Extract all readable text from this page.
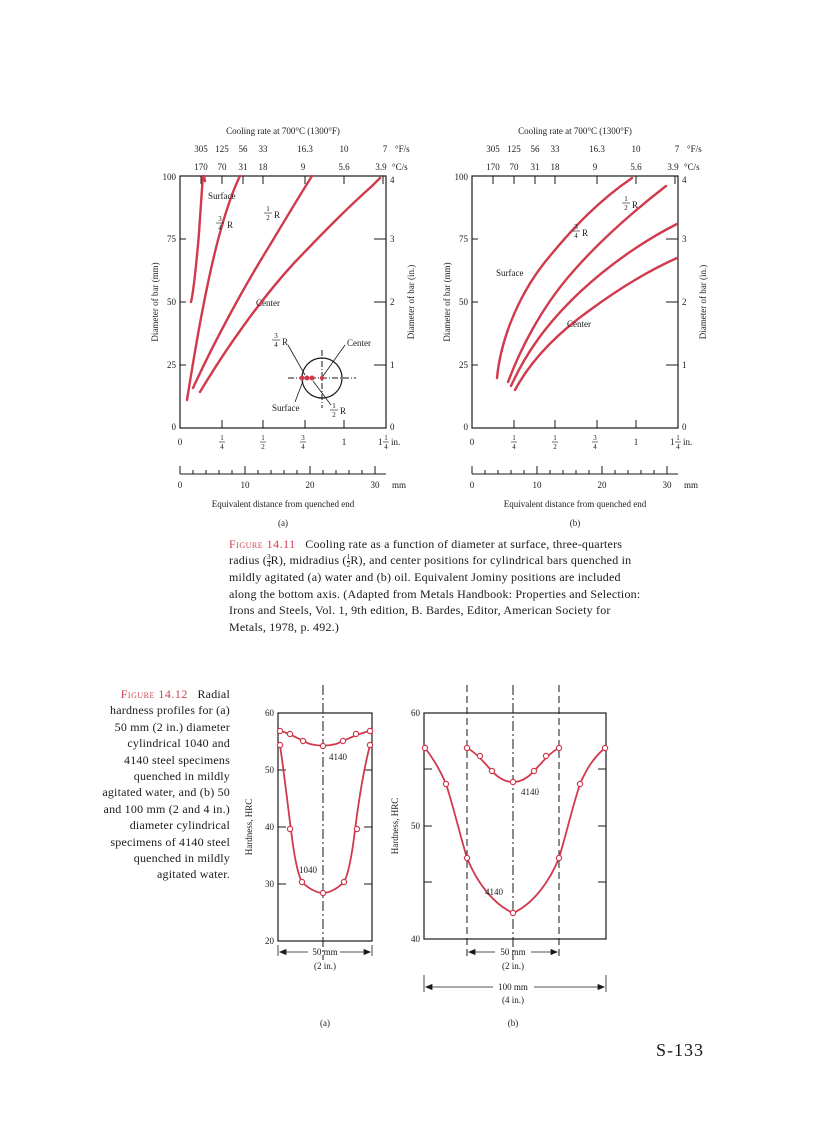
Cooling rate at 700°C (1300°F)
305 125 56 33	16.3	10	7 °F/s
170 70 31 18	9	5.6	3.9 °C/s
100
75
50
25
0
4
3
2
1
0
Diameter of bar (mm)	Diameter of bar (in.)
Surface
3
4 R
1
2 R
Center
3
4 R	Center
Surface	1
2 R
0	1
4
1
2
3
4	1	1 1
4 in.
0	10	20	30 mm
Equivalent distance from quenched end
(a)
Cooling rate at 700°C (1300°F)
305 125 56 33	16.3	10	7 °F/s
170 70 31 18	9	5.6	3.9 °C/s
100
75
50
25
0
4
3
2
1
0
Diameter of bar (mm)	Diameter of bar (in.)
1
2 R
3
4 R
Surface
Center
0	1
4
1
2
3
4	1	1 1
4 in.
0	10	20	30 mm
Equivalent distance from quenched end
(b)
60
50
40
30
20
Hardness, HRC
4140
1040
50 mm
(2 in.)
(a)
60
50
40
Hardness, HRC
4140
4140
50 mm
(2 in.)
100 mm
(4 in.)
(b)
Figure 14.11 Cooling rate as a function of diameter at surface, three-quarters radius ( $\frac{3}{4} R$), midradius ( $\frac{1}{2} R$), and center positions for cylindrical bars quenched in mildly agitated (a) water and (b) oil. Equivalent Jominy positions are included along the bottom axis. (Adapted from Metals Handbook: Properties and Selection: Irons and Steels, Vol. 1, 9th edition, B. Bardes, Editor, American Society for Metals, 1978, p. 492.)
Figure 14.12 Radial hardness profiles for (a) 50 mm (2 in.) diameter cylindrical 1040 and 4140 steel specimens quenched in mildly agitated water, and (b) 50 and 100 mm (2 and 4 in.) diameter cylindrical specimens of 4140 steel quenched in mildly agitated water.
S-133
